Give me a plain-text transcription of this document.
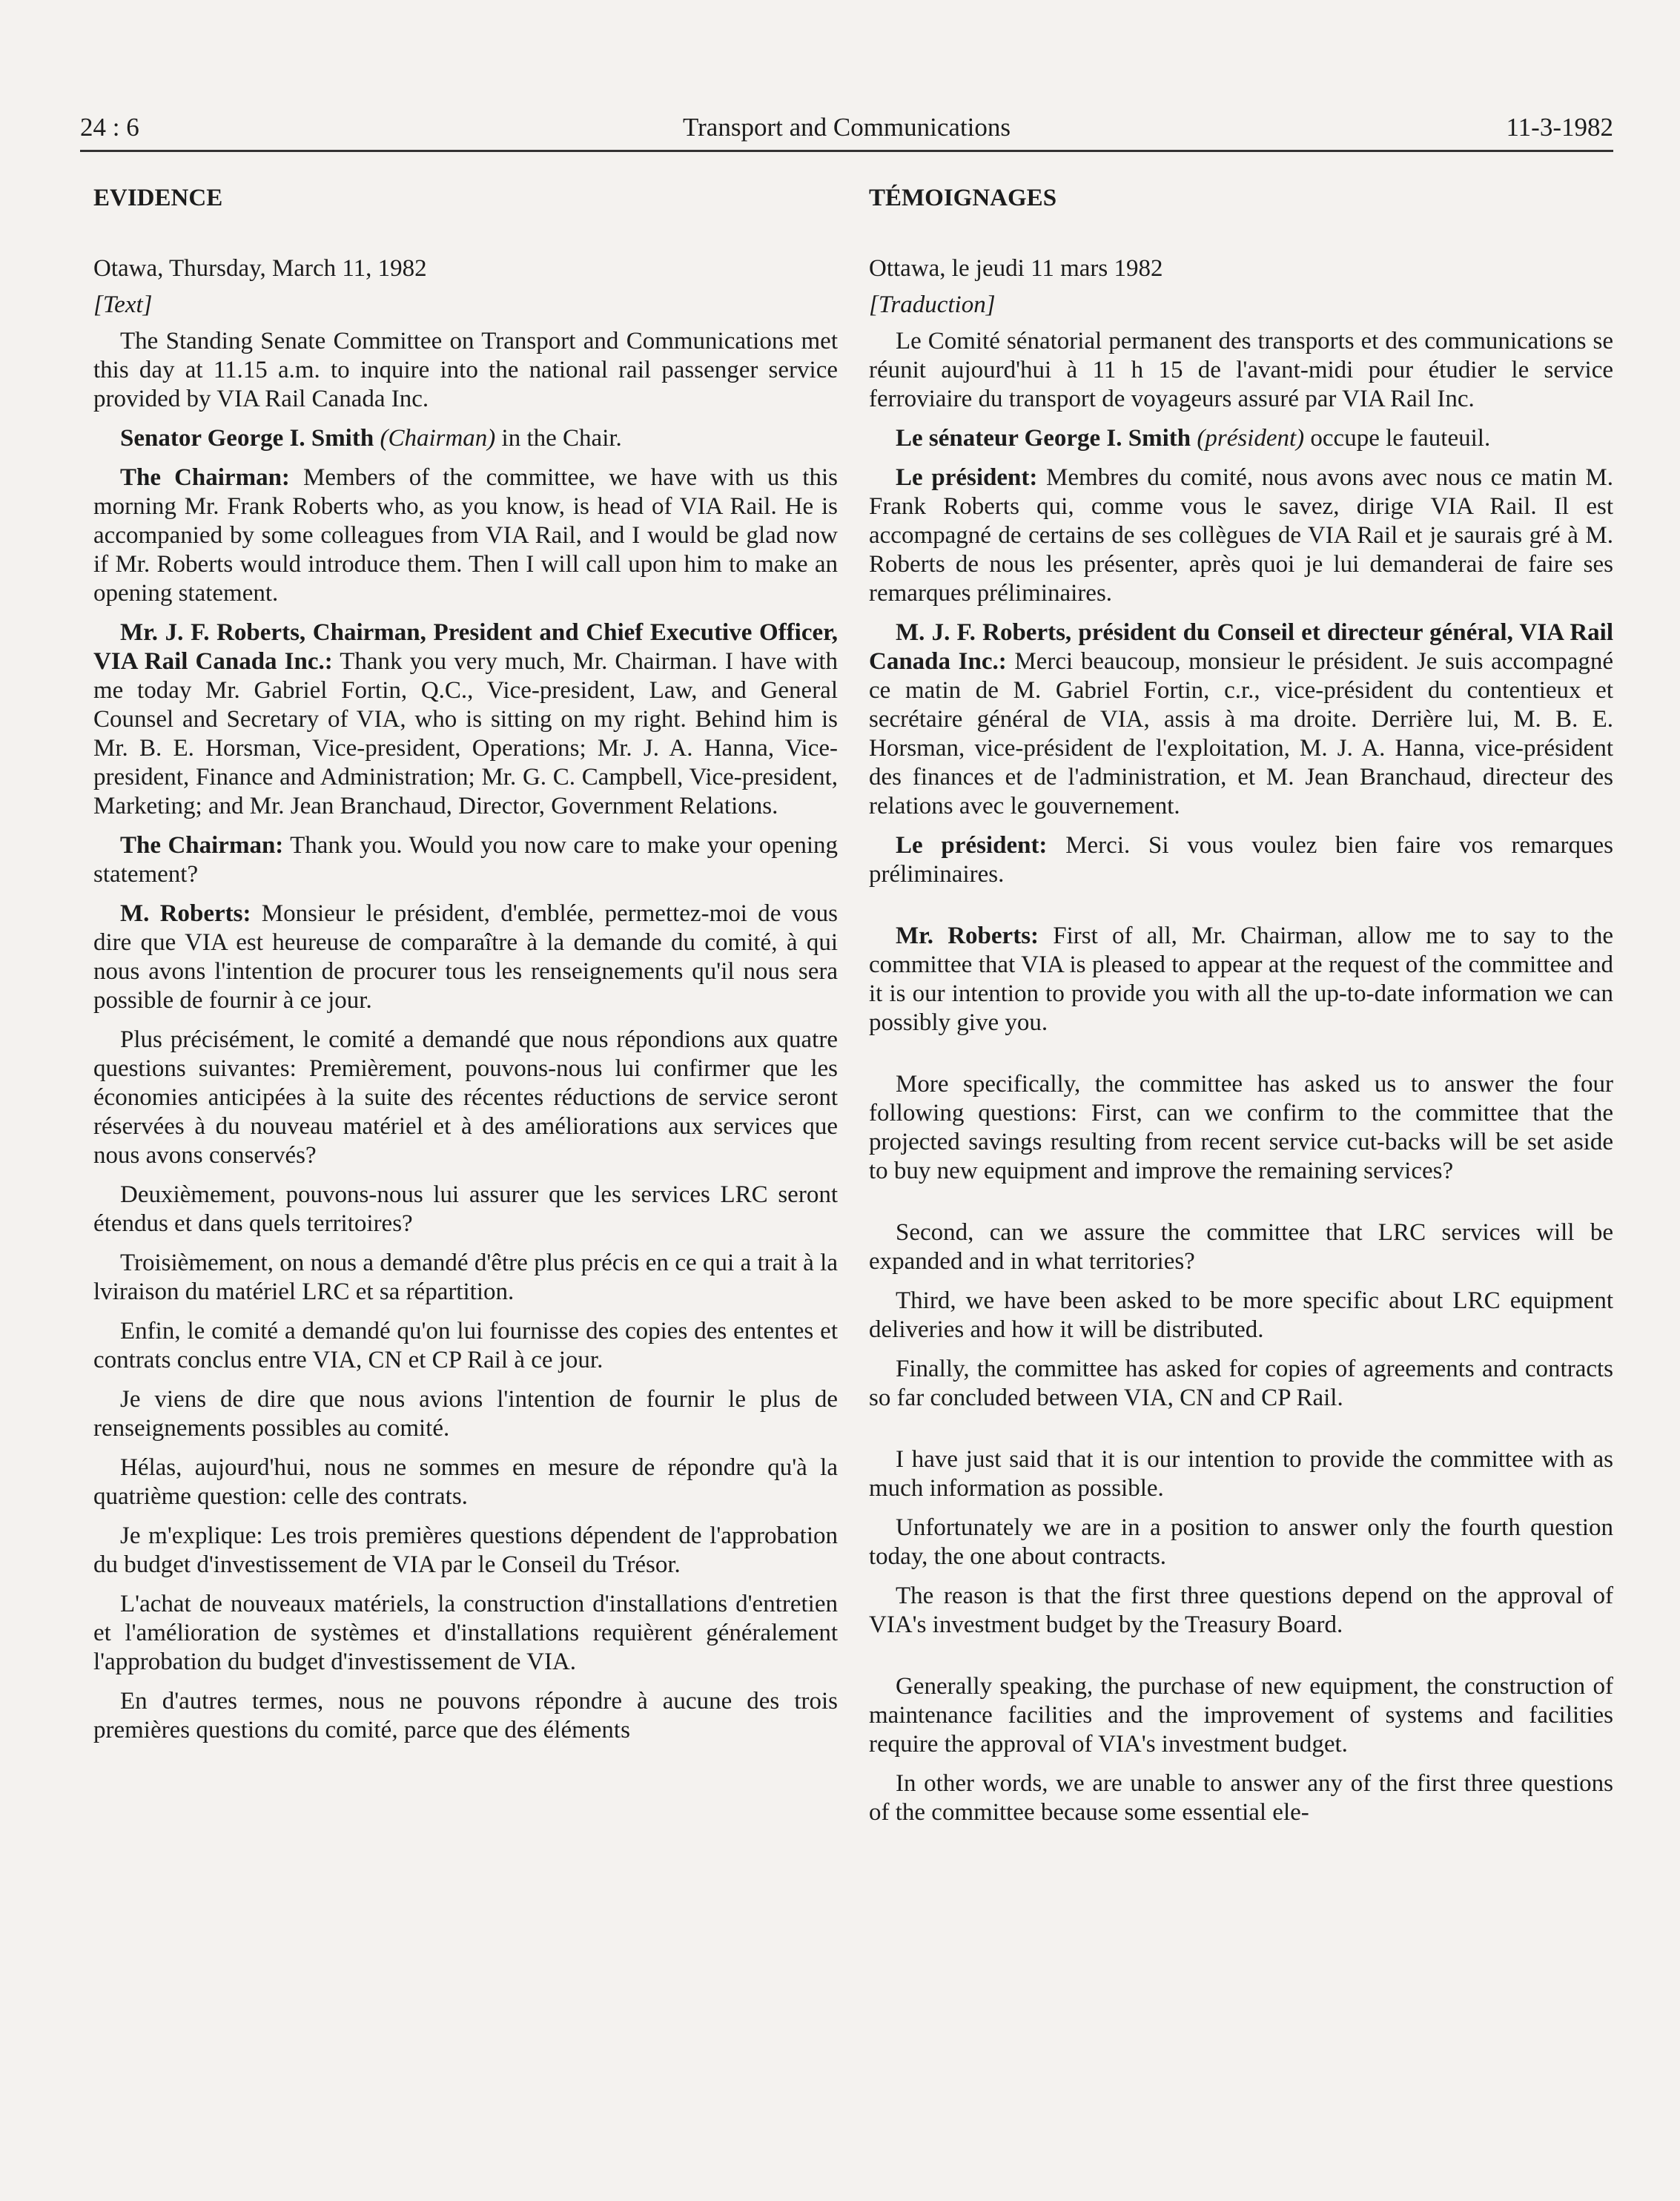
24 : 6	Transport and Communications	11-3-1982

EVIDENCE

Otawa, Thursday, March 11, 1982

[Text]

The Standing Senate Committee on Transport and Communications met this day at 11.15 a.m. to inquire into the national rail passenger service provided by VIA Rail Canada Inc.

Senator George I. Smith (Chairman) in the Chair.

The Chairman: Members of the committee, we have with us this morning Mr. Frank Roberts who, as you know, is head of VIA Rail. He is accompanied by some colleagues from VIA Rail, and I would be glad now if Mr. Roberts would introduce them. Then I will call upon him to make an opening statement.

Mr. J. F. Roberts, Chairman, President and Chief Executive Officer, VIA Rail Canada Inc.: Thank you very much, Mr. Chairman. I have with me today Mr. Gabriel Fortin, Q.C., Vice-president, Law, and General Counsel and Secretary of VIA, who is sitting on my right. Behind him is Mr. B. E. Horsman, Vice-president, Operations; Mr. J. A. Hanna, Vice-president, Finance and Administration; Mr. G. C. Campbell, Vice-president, Marketing; and Mr. Jean Branchaud, Director, Government Relations.

The Chairman: Thank you. Would you now care to make your opening statement?

M. Roberts: Monsieur le président, d'emblée, permettez-moi de vous dire que VIA est heureuse de comparaître à la demande du comité, à qui nous avons l'intention de procurer tous les renseignements qu'il nous sera possible de fournir à ce jour.

Plus précisément, le comité a demandé que nous répondions aux quatre questions suivantes: Premièrement, pouvons-nous lui confirmer que les économies anticipées à la suite des récentes réductions de service seront réservées à du nouveau matériel et à des améliorations aux services que nous avons conservés?

Deuxièmement, pouvons-nous lui assurer que les services LRC seront étendus et dans quels territoires?

Troisièmement, on nous a demandé d'être plus précis en ce qui a trait à la lviraison du matériel LRC et sa répartition.

Enfin, le comité a demandé qu'on lui fournisse des copies des ententes et contrats conclus entre VIA, CN et CP Rail à ce jour.

Je viens de dire que nous avions l'intention de fournir le plus de renseignements possibles au comité.

Hélas, aujourd'hui, nous ne sommes en mesure de répondre qu'à la quatrième question: celle des contrats.

Je m'explique: Les trois premières questions dépendent de l'approbation du budget d'investissement de VIA par le Conseil du Trésor.

L'achat de nouveaux matériels, la construction d'installations d'entretien et l'amélioration de systèmes et d'installations requièrent généralement l'approbation du budget d'investissement de VIA.

En d'autres termes, nous ne pouvons répondre à aucune des trois premières questions du comité, parce que des éléments

TÉMOIGNAGES

Ottawa, le jeudi 11 mars 1982

[Traduction]

Le Comité sénatorial permanent des transports et des communications se réunit aujourd'hui à 11 h 15 de l'avant-midi pour étudier le service ferroviaire du transport de voyageurs assuré par VIA Rail Inc.

Le sénateur George I. Smith (président) occupe le fauteuil.

Le président: Membres du comité, nous avons avec nous ce matin M. Frank Roberts qui, comme vous le savez, dirige VIA Rail. Il est accompagné de certains de ses collègues de VIA Rail et je saurais gré à M. Roberts de nous les présenter, après quoi je lui demanderai de faire ses remarques préliminaires.

M. J. F. Roberts, président du Conseil et directeur général, VIA Rail Canada Inc.: Merci beaucoup, monsieur le président. Je suis accompagné ce matin de M. Gabriel Fortin, c.r., vice-président du contentieux et secrétaire général de VIA, assis à ma droite. Derrière lui, M. B. E. Horsman, vice-président de l'exploitation, M. J. A. Hanna, vice-président des finances et de l'administration, et M. Jean Branchaud, directeur des relations avec le gouvernement.

Le président: Merci. Si vous voulez bien faire vos remarques préliminaires.

Mr. Roberts: First of all, Mr. Chairman, allow me to say to the committee that VIA is pleased to appear at the request of the committee and it is our intention to provide you with all the up-to-date information we can possibly give you.

More specifically, the committee has asked us to answer the four following questions: First, can we confirm to the committee that the projected savings resulting from recent service cut-backs will be set aside to buy new equipment and improve the remaining services?

Second, can we assure the committee that LRC services will be expanded and in what territories?

Third, we have been asked to be more specific about LRC equipment deliveries and how it will be distributed.

Finally, the committee has asked for copies of agreements and contracts so far concluded between VIA, CN and CP Rail.

I have just said that it is our intention to provide the committee with as much information as possible.

Unfortunately we are in a position to answer only the fourth question today, the one about contracts.

The reason is that the first three questions depend on the approval of VIA's investment budget by the Treasury Board.

Generally speaking, the purchase of new equipment, the construction of maintenance facilities and the improvement of systems and facilities require the approval of VIA's investment budget.

In other words, we are unable to answer any of the first three questions of the committee because some essential ele-
